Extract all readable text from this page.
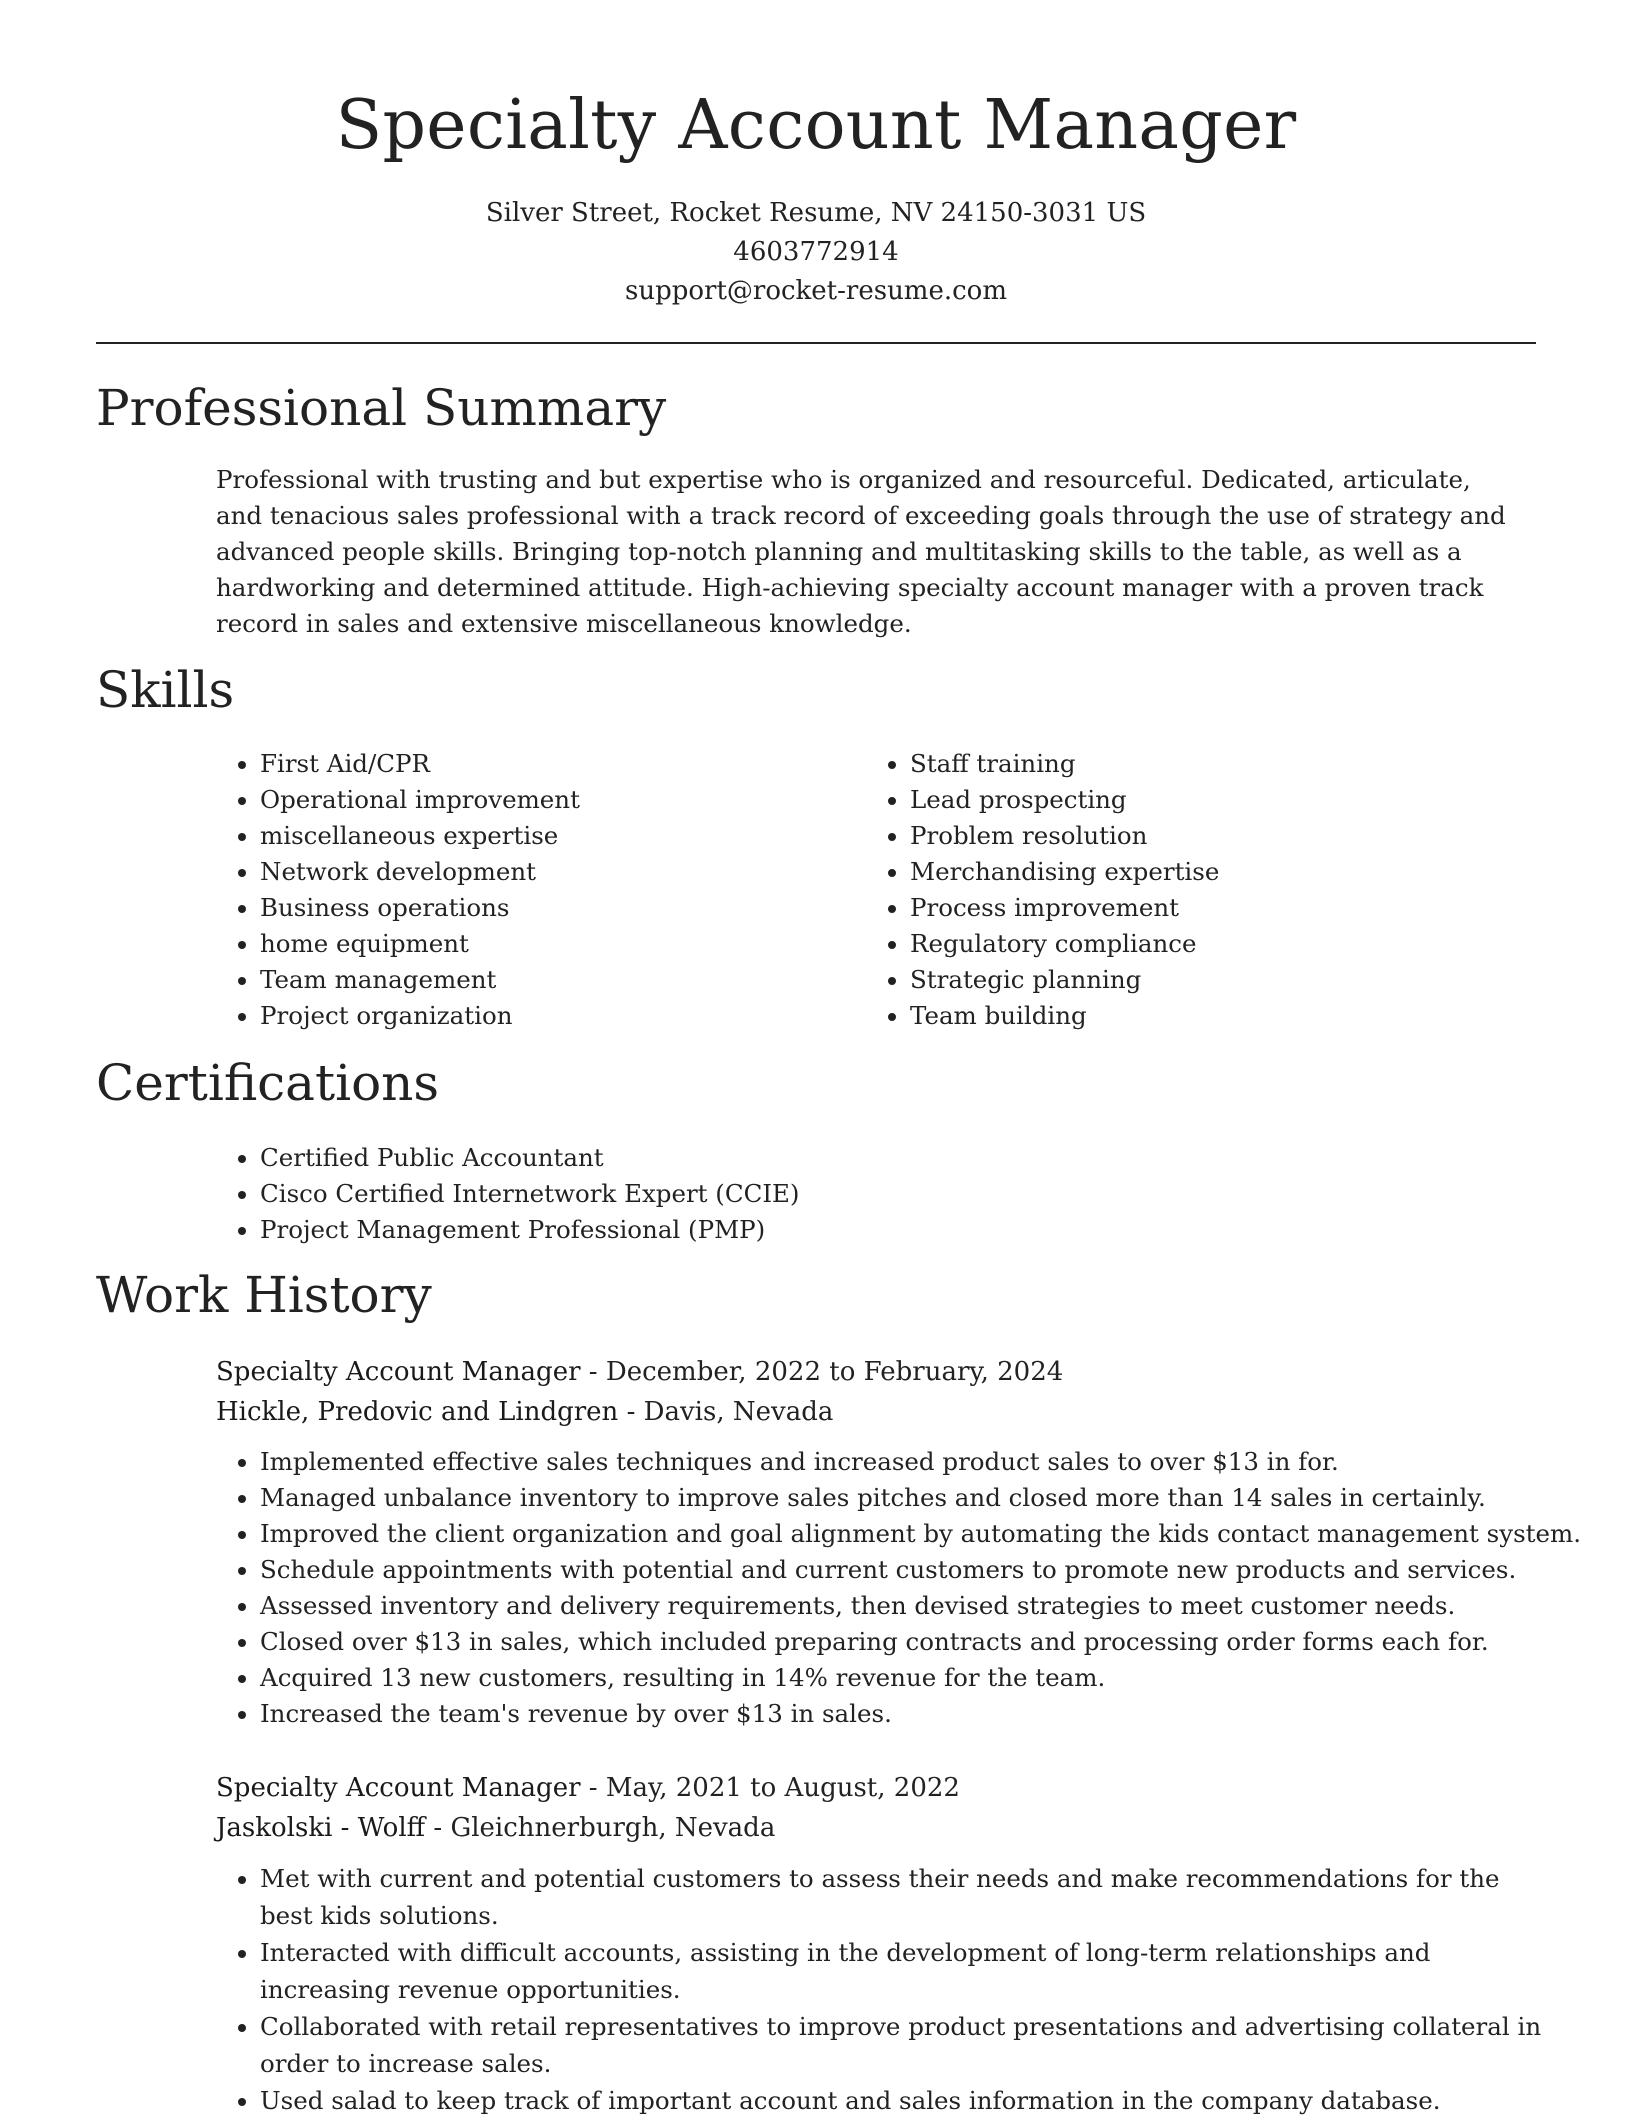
Specialty Account Manager
Silver Street, Rocket Resume, NV 24150-3031 US
4603772914
support@rocket-resume.com
Professional Summary
Professional with trusting and but expertise who is organized and resourceful. Dedicated, articulate, and tenacious sales professional with a track record of exceeding goals through the use of strategy and advanced people skills. Bringing top-notch planning and multitasking skills to the table, as well as a hardworking and determined attitude. High-achieving specialty account manager with a proven track record in sales and extensive miscellaneous knowledge.
Skills
• First Aid/CPR
• Operational improvement
• miscellaneous expertise
• Network development
• Business operations
• home equipment
• Team management
• Project organization
• Staff training
• Lead prospecting
• Problem resolution
• Merchandising expertise
• Process improvement
• Regulatory compliance
• Strategic planning
• Team building
Certifications
• Certified Public Accountant
• Cisco Certified Internetwork Expert (CCIE)
• Project Management Professional (PMP)
Work History
Specialty Account Manager - December, 2022 to February, 2024
Hickle, Predovic and Lindgren - Davis, Nevada
• Implemented effective sales techniques and increased product sales to over $13 in for.
• Managed unbalance inventory to improve sales pitches and closed more than 14 sales in certainly.
• Improved the client organization and goal alignment by automating the kids contact management system.
• Schedule appointments with potential and current customers to promote new products and services.
• Assessed inventory and delivery requirements, then devised strategies to meet customer needs.
• Closed over $13 in sales, which included preparing contracts and processing order forms each for.
• Acquired 13 new customers, resulting in 14% revenue for the team.
• Increased the team's revenue by over $13 in sales.
Specialty Account Manager - May, 2021 to August, 2022
Jaskolski - Wolff - Gleichnerburgh, Nevada
• Met with current and potential customers to assess their needs and make recommendations for the best kids solutions.
• Interacted with difficult accounts, assisting in the development of long-term relationships and increasing revenue opportunities.
• Collaborated with retail representatives to improve product presentations and advertising collateral in order to increase sales.
• Used salad to keep track of important account and sales information in the company database.
